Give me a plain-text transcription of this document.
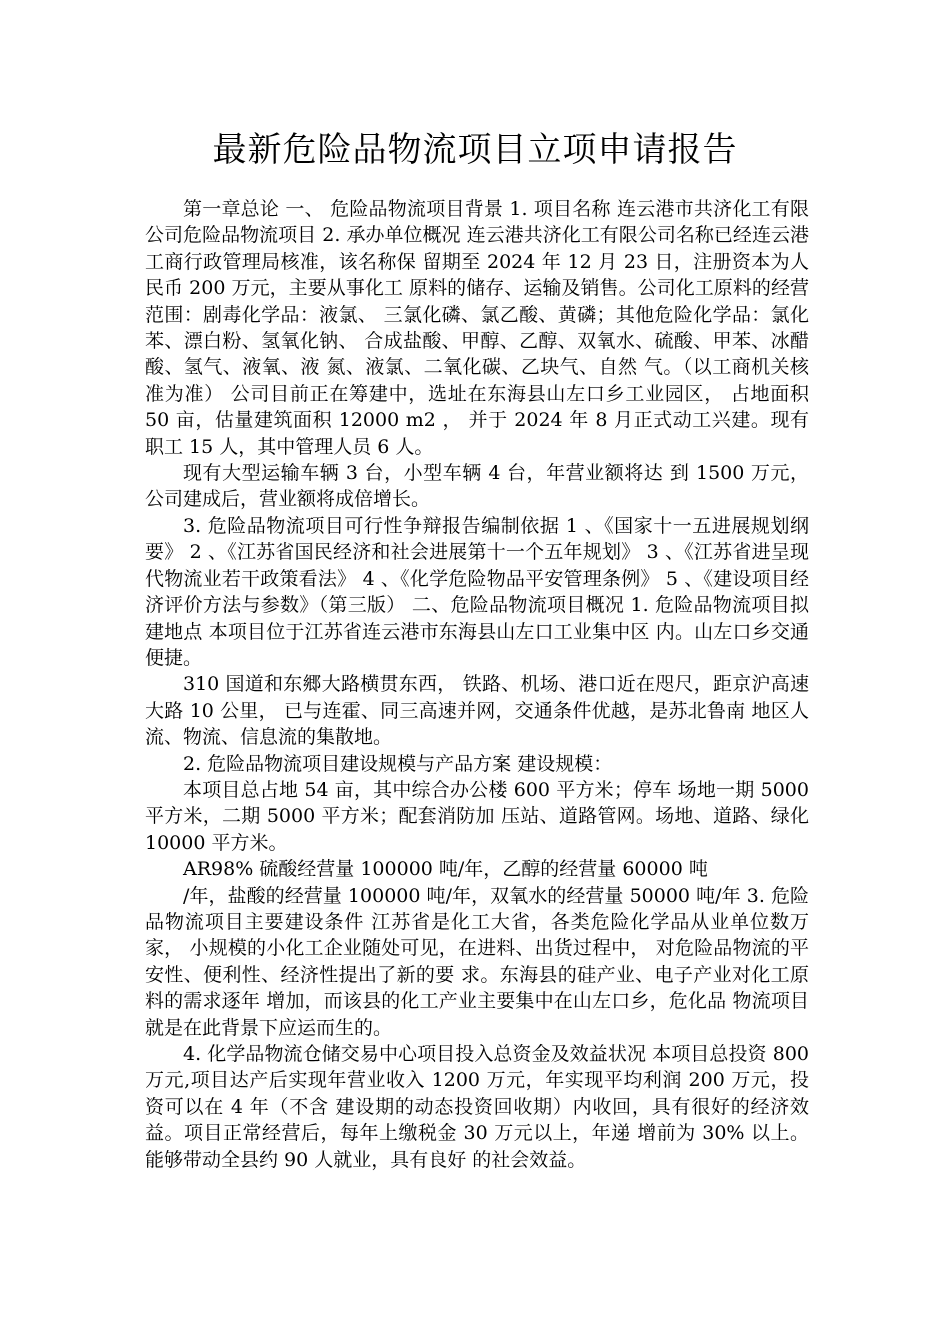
最新危险品物流项目立项申请报告

第一章总论 一、 危险品物流项目背景 1. 项目名称 连云港市共济化工有限公司危险品物流项目 2. 承办单位概况 连云港共济化工有限公司名称已经连云港工商行政管理局核准，该名称保 留期至 2024 年 12 月 23 日，注册资本为人民币 200 万元，主要从事化工 原料的储存、运输及销售。公司化工原料的经营范围：剧毒化学品：液氯、 三氯化磷、氯乙酸、黄磷；其他危险化学品：氯化苯、漂白粉、氢氧化钠、 合成盐酸、甲醇、乙醇、双氧水、硫酸、甲苯、冰醋酸、氢气、液氧、液 氮、液氯、二氧化碳、乙块气、自然 气。（以工商机关核准为准） 公司目前正在筹建中，选址在东海县山左口乡工业园区， 占地面积 50 亩，估量建筑面积 12000 m2 ， 并于 2024 年 8 月正式动工兴建。现有职工 15 人，其中管理人员 6 人。

现有大型运输车辆 3 台，小型车辆 4 台，年营业额将达 到 1500 万元，公司建成后，营业额将成倍增长。

3. 危险品物流项目可行性争辩报告编制依据 1 、《国家十一五进展规划纲要》 2 、《江苏省国民经济和社会进展第十一个五年规划》 3 、《江苏省进呈现代物流业若干政策看法》 4 、《化学危险物品平安管理条例》 5 、《建设项目经济评价方法与参数》（第三版） 二、危险品物流项目概况 1. 危险品物流项目拟建地点 本项目位于江苏省连云港市东海县山左口工业集中区 内。山左口乡交通便捷。

310 国道和东郷大路横贯东西， 铁路、机场、港口近在咫尺，距京沪高速大路 10 公里， 已与连霍、同三高速并网，交通条件优越，是苏北鲁南 地区人流、物流、信息流的集散地。

2. 危险品物流项目建设规模与产品方案 建设规模：

本项目总占地 54 亩，其中综合办公楼 600 平方米；停车 场地一期 5000 平方米，二期 5000 平方米；配套消防加 压站、道路管网。场地、道路、绿化 10000 平方米。

AR98% 硫酸经营量 100000 吨/年，乙醇的经营量 60000 吨

/年，盐酸的经营量 100000 吨/年，双氧水的经营量 50000 吨/年 3. 危险品物流项目主要建设条件 江苏省是化工大省，各类危险化学品从业单位数万家， 小规模的小化工企业随处可见，在进料、出货过程中， 对危险品物流的平安性、便利性、经济性提出了新的要 求。东海县的硅产业、电子产业对化工原料的需求逐年 增加，而该县的化工产业主要集中在山左口乡，危化品 物流项目就是在此背景下应运而生的。

4. 化学品物流仓储交易中心项目投入总资金及效益状况 本项目总投资 800 万元,项目达产后实现年营业收入 1200 万元，年实现平均利润 200 万元，投资可以在 4 年（不含 建设期的动态投资回收期）内收回，具有很好的经济效 益。项目正常经营后，每年上缴税金 30 万元以上，年递 增前为 30% 以上。能够带动全县约 90 人就业，具有良好 的社会效益。
